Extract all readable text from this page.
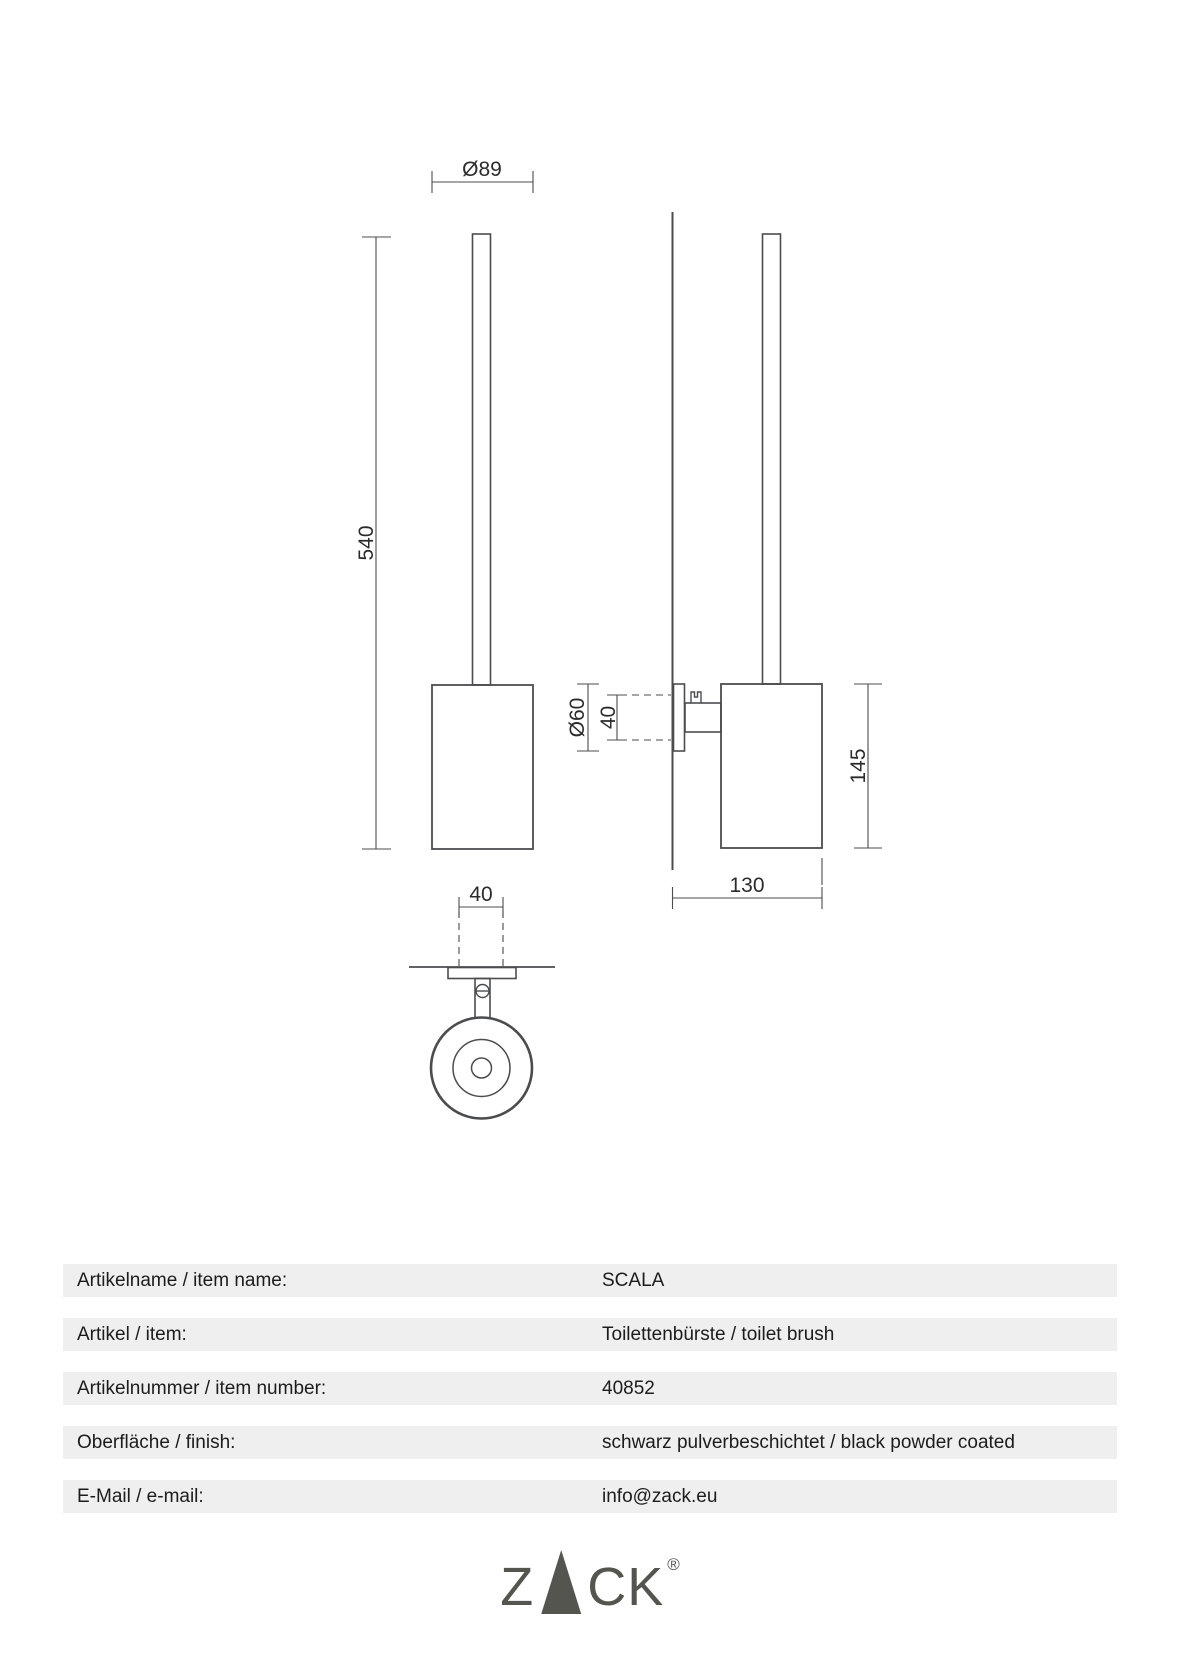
Ø89
540
Ø60 40
145
130
40
Artikelname / item name:	SCALA
Artikel / item:	Toilettenbürste / toilet brush
Artikelnummer / item number:	40852
Oberfläche / finish:	schwarz pulverbeschichtet / black powder coated
E-Mail / e-mail:	info@zack.eu
Z CK ®
